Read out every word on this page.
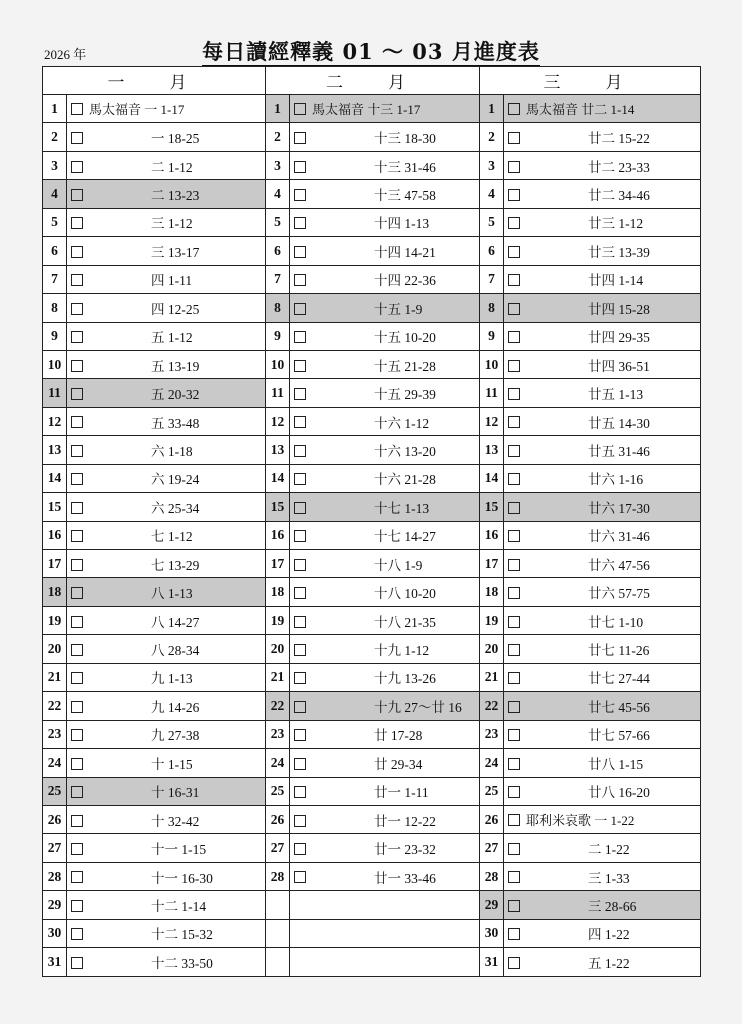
2026 年	每日讀經釋義 01 ～ 03 月進度表
一　月		二　月		三　月	
1	馬太福音 一 1-17	1	馬太福音 十三 1-17	1	馬太福音 廿二 1-14
2	一 18-25	2	十三 18-30	2	廿二 15-22

3	二 1-12	3	十三 31-46	3	廿二 23-33

4	二 13-23	4	十三 47-58	4	廿二 34-46

5	三 1-12	5	十四 1-13	5	廿三 1-12

6	三 13-17	6	十四 14-21	6	廿三 13-39

7	四 1-11	7	十四 22-36	7	廿四 1-14

8	四 12-25	8	十五 1-9	8	廿四 15-28

9	五 1-12	9	十五 10-20	9	廿四 29-35

10	五 13-19	10	十五 21-28	10	廿四 36-51

11	五 20-32	11	十五 29-39	11	廿五 1-13

12	五 33-48	12	十六 1-12	12	廿五 14-30

13	六 1-18	13	十六 13-20	13	廿五 31-46

14	六 19-24	14	十六 21-28	14	廿六 1-16

15	六 25-34	15	十七 1-13	15	廿六 17-30

16	七 1-12	16	十七 14-27	16	廿六 31-46

17	七 13-29	17	十八 1-9	17	廿六 47-56

18	八 1-13	18	十八 10-20	18	廿六 57-75

19	八 14-27	19	十八 21-35	19	廿七 1-10

20	八 28-34	20	十九 1-12	20	廿七 11-26

21	九 1-13	21	十九 13-26	21	廿七 27-44

22	九 14-26	22	十九 27～廿 16	22	廿七 45-56

23	九 27-38	23	廿 17-28	23	廿七 57-66

24	十 1-15	24	廿 29-34	24	廿八 1-15

25	十 16-31	25	廿一 1-11	25	廿八 16-20

26	十 32-42	26	廿一 12-22	26	耶利米哀歌 一 1-22
27	十一 1-15	27	廿一 23-32	27	二 1-22

28	十一 16-30	28	廿一 33-46	28	三 1-33

29	十二 1-14			29	三 28-66

30	十二 15-32			30	四 1-22

31	十二 33-50			31	五 1-22
